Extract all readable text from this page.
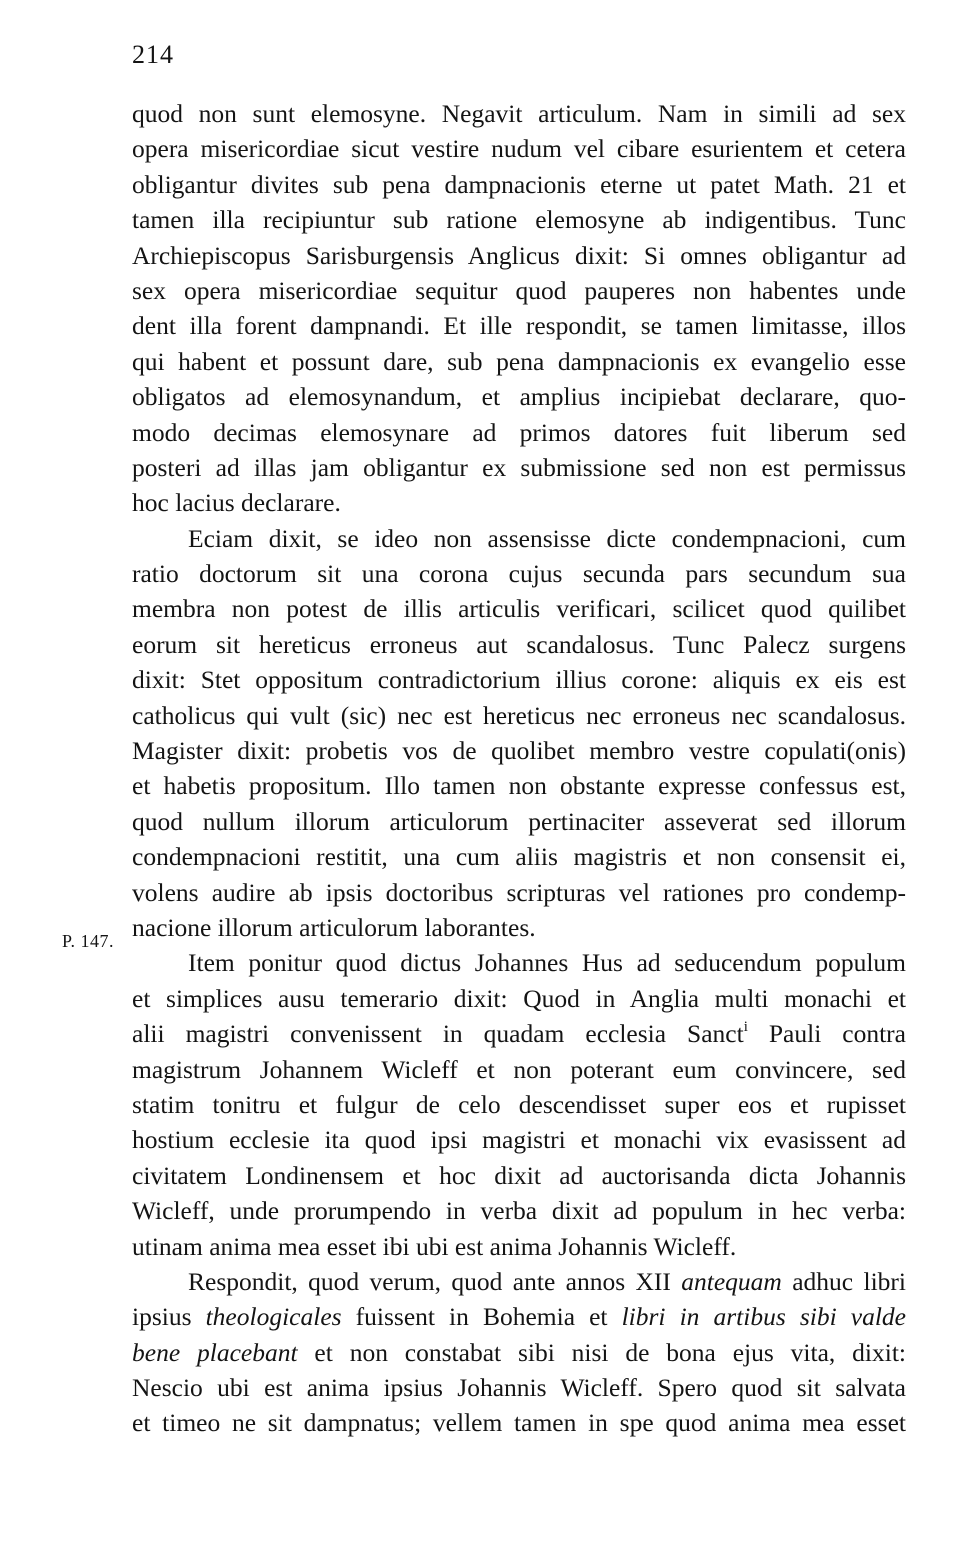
214
P. 147.
quod non sunt elemosyne. Negavit articulum. Nam in simili ad sex
opera misericordiae sicut vestire nudum vel cibare esurientem et cetera
obligantur divites sub pena dampnacionis eterne ut patet Math. 21 et
tamen illa recipiuntur sub ratione elemosyne ab indigentibus. Tunc
Archiepiscopus Sarisburgensis Anglicus dixit: Si omnes obligantur ad
sex opera misericordiae sequitur quod pauperes non habentes unde
dent illa forent dampnandi. Et ille respondit, se tamen limitasse, illos
qui habent et possunt dare, sub pena dampnacionis ex evangelio esse
obligatos ad elemosynandum, et amplius incipiebat declarare, quo-
modo decimas elemosynare ad primos datores fuit liberum sed
posteri ad illas jam obligantur ex submissione sed non est permissus
hoc lacius declarare.
Eciam dixit, se ideo non assensisse dicte condempnacioni, cum
ratio doctorum sit una corona cujus secunda pars secundum sua
membra non potest de illis articulis verificari, scilicet quod quilibet
eorum sit hereticus erroneus aut scandalosus. Tunc Palecz surgens
dixit: Stet oppositum contradictorium illius corone: aliquis ex eis est
catholicus qui vult (sic) nec est hereticus nec erroneus nec scandalosus.
Magister dixit: probetis vos de quolibet membro vestre copulati(onis)
et habetis propositum. Illo tamen non obstante expresse confessus est,
quod nullum illorum articulorum pertinaciter asseverat sed illorum
condempnacioni restitit, una cum aliis magistris et non consensit ei,
volens audire ab ipsis doctoribus scripturas vel rationes pro condemp-
nacione illorum articulorum laborantes.
Item ponitur quod dictus Johannes Hus ad seducendum populum
et simplices ausu temerario dixit: Quod in Anglia multi monachi et
alii magistri convenissent in quadam ecclesia Sanct$^i$ Pauli contra
magistrum Johannem Wicleff et non poterant eum convincere, sed
statim tonitru et fulgur de celo descendisset super eos et rupisset
hostium ecclesie ita quod ipsi magistri et monachi vix evasissent ad
civitatem Londinensem et hoc dixit ad auctorisanda dicta Johannis
Wicleff, unde prorumpendo in verba dixit ad populum in hec verba:
utinam anima mea esset ibi ubi est anima Johannis Wicleff.
Respondit, quod verum, quod ante annos XII antequam adhuc libri
ipsius theologicales fuissent in Bohemia et libri in artibus sibi valde
bene placebant et non constabat sibi nisi de bona ejus vita, dixit:
Nescio ubi est anima ipsius Johannis Wicleff. Spero quod sit salvata
et timeo ne sit dampnatus; vellem tamen in spe quod anima mea esset
